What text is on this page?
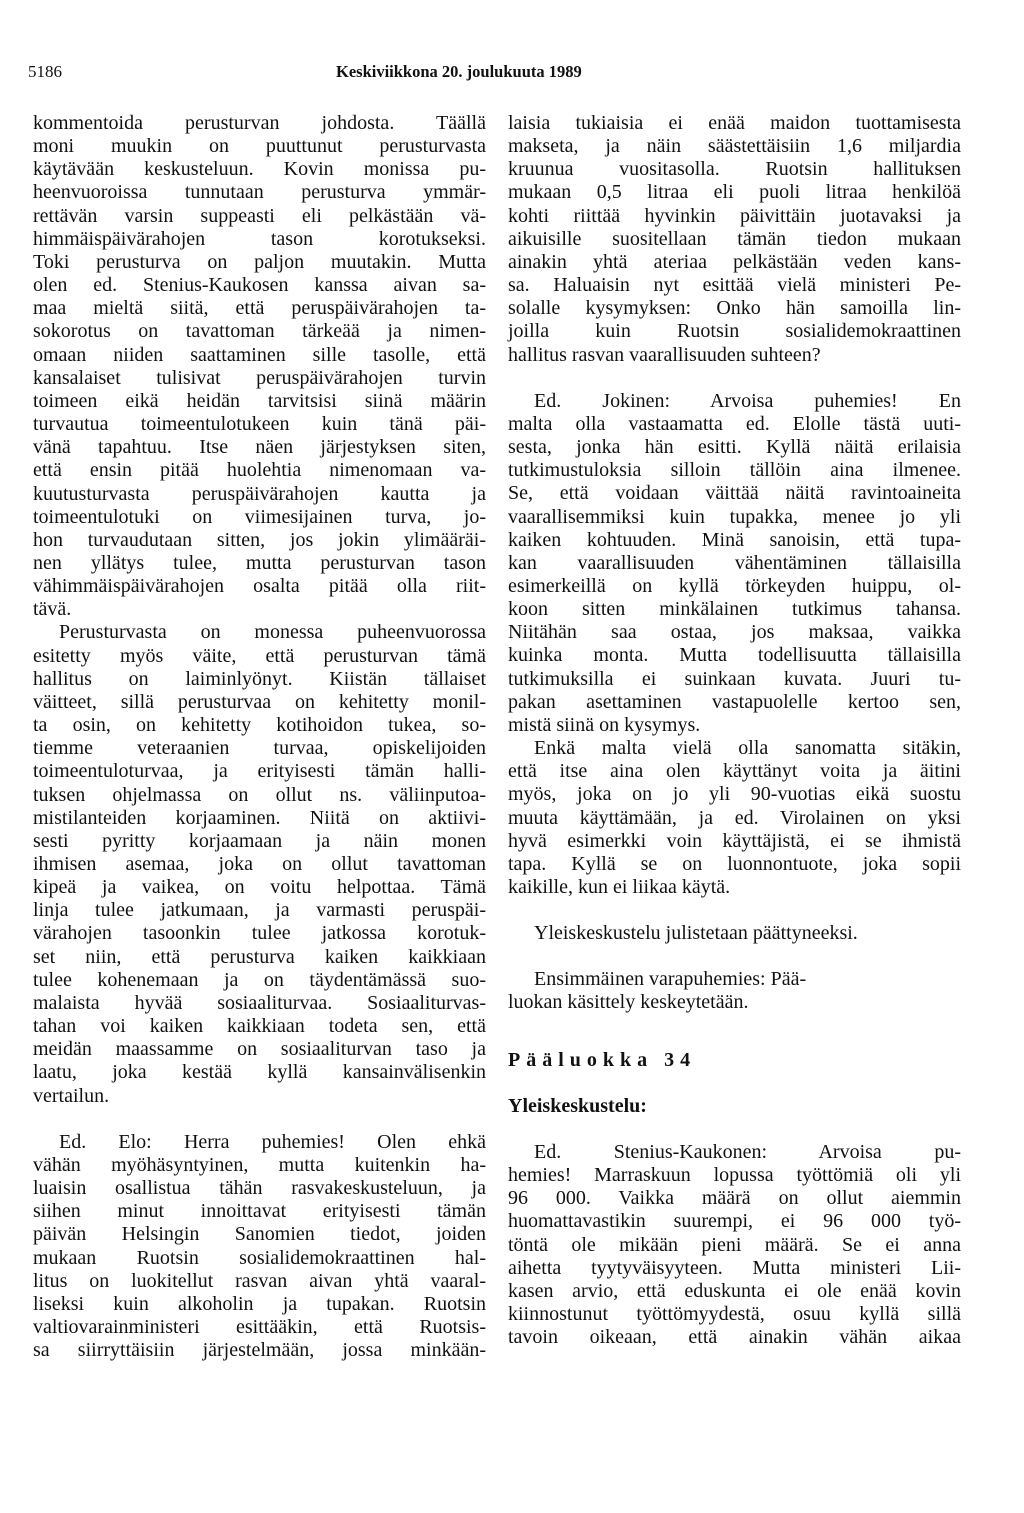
5186	Keskiviikkona 20. joulukuuta 1989
kommentoida perusturvan johdosta. Täällä
moni muukin on puuttunut perusturvasta
käytävään keskusteluun. Kovin monissa pu-
heenvuoroissa tunnutaan perusturva ymmär-
rettävän varsin suppeasti eli pelkästään vä-
himmäispäivärahojen tason korotukseksi.
Toki perusturva on paljon muutakin. Mutta
olen ed. Stenius-Kaukosen kanssa aivan sa-
maa mieltä siitä, että peruspäivärahojen ta-
sokorotus on tavattoman tärkeää ja nimen-
omaan niiden saattaminen sille tasolle, että
kansalaiset tulisivat peruspäivärahojen turvin
toimeen eikä heidän tarvitsisi siinä määrin
turvautua toimeentulotukeen kuin tänä päi-
vänä tapahtuu. Itse näen järjestyksen siten,
että ensin pitää huolehtia nimenomaan va-
kuutusturvasta peruspäivärahojen kautta ja
toimeentulotuki on viimesijainen turva, jo-
hon turvaudutaan sitten, jos jokin ylimääräi-
nen yllätys tulee, mutta perusturvan tason
vähimmäispäivärahojen osalta pitää olla riit-
tävä.
Perusturvasta on monessa puheenvuorossa
esitetty myös väite, että perusturvan tämä
hallitus on laiminlyönyt. Kiistän tällaiset
väitteet, sillä perusturvaa on kehitetty monil-
ta osin, on kehitetty kotihoidon tukea, so-
tiemme veteraanien turvaa, opiskelijoiden
toimeentuloturvaa, ja erityisesti tämän halli-
tuksen ohjelmassa on ollut ns. väliinputoa-
mistilanteiden korjaaminen. Niitä on aktiivi-
sesti pyritty korjaamaan ja näin monen
ihmisen asemaa, joka on ollut tavattoman
kipeä ja vaikea, on voitu helpottaa. Tämä
linja tulee jatkumaan, ja varmasti peruspäi-
värahojen tasoonkin tulee jatkossa korotuk-
set niin, että perusturva kaiken kaikkiaan
tulee kohenemaan ja on täydentämässä suo-
malaista hyvää sosiaaliturvaa. Sosiaaliturvas-
tahan voi kaiken kaikkiaan todeta sen, että
meidän maassamme on sosiaaliturvan taso ja
laatu, joka kestää kyllä kansainvälisenkin
vertailun.
Ed. Elo: Herra puhemies! Olen ehkä
vähän myöhäsyntyinen, mutta kuitenkin ha-
luaisin osallistua tähän rasvakeskusteluun, ja
siihen minut innoittavat erityisesti tämän
päivän Helsingin Sanomien tiedot, joiden
mukaan Ruotsin sosialidemokraattinen hal-
litus on luokitellut rasvan aivan yhtä vaaral-
liseksi kuin alkoholin ja tupakan. Ruotsin
valtiovarainministeri esittääkin, että Ruotsis-
sa siirryttäisiin järjestelmään, jossa minkään-
laisia tukiaisia ei enää maidon tuottamisesta
makseta, ja näin säästettäisiin 1,6 miljardia
kruunua vuositasolla. Ruotsin hallituksen
mukaan 0,5 litraa eli puoli litraa henkilöä
kohti riittää hyvinkin päivittäin juotavaksi ja
aikuisille suositellaan tämän tiedon mukaan
ainakin yhtä ateriaa pelkästään veden kans-
sa. Haluaisin nyt esittää vielä ministeri Pe-
solalle kysymyksen: Onko hän samoilla lin-
joilla kuin Ruotsin sosialidemokraattinen
hallitus rasvan vaarallisuuden suhteen?
Ed. Jokinen: Arvoisa puhemies! En
malta olla vastaamatta ed. Elolle tästä uuti-
sesta, jonka hän esitti. Kyllä näitä erilaisia
tutkimustuloksia silloin tällöin aina ilmenee.
Se, että voidaan väittää näitä ravintoaineita
vaarallisemmiksi kuin tupakka, menee jo yli
kaiken kohtuuden. Minä sanoisin, että tupa-
kan vaarallisuuden vähentäminen tällaisilla
esimerkeillä on kyllä törkeyden huippu, ol-
koon sitten minkälainen tutkimus tahansa.
Niitähän saa ostaa, jos maksaa, vaikka
kuinka monta. Mutta todellisuutta tällaisilla
tutkimuksilla ei suinkaan kuvata. Juuri tu-
pakan asettaminen vastapuolelle kertoo sen,
mistä siinä on kysymys.
Enkä malta vielä olla sanomatta sitäkin,
että itse aina olen käyttänyt voita ja äitini
myös, joka on jo yli 90-vuotias eikä suostu
muuta käyttämään, ja ed. Virolainen on yksi
hyvä esimerkki voin käyttäjistä, ei se ihmistä
tapa. Kyllä se on luonnontuote, joka sopii
kaikille, kun ei liikaa käytä.
Yleiskeskustelu julistetaan päättyneeksi.
Ensimmäinen varapuhemies: Pää-
luokan käsittely keskeytetään.
Pääluokka 34
Yleiskeskustelu:
Ed. Stenius-Kaukonen: Arvoisa pu-
hemies! Marraskuun lopussa työttömiä oli yli
96 000. Vaikka määrä on ollut aiemmin
huomattavastikin suurempi, ei 96 000 työ-
töntä ole mikään pieni määrä. Se ei anna
aihetta tyytyväisyyteen. Mutta ministeri Lii-
kasen arvio, että eduskunta ei ole enää kovin
kiinnostunut työttömyydestä, osuu kyllä sillä
tavoin oikeaan, että ainakin vähän aikaa
